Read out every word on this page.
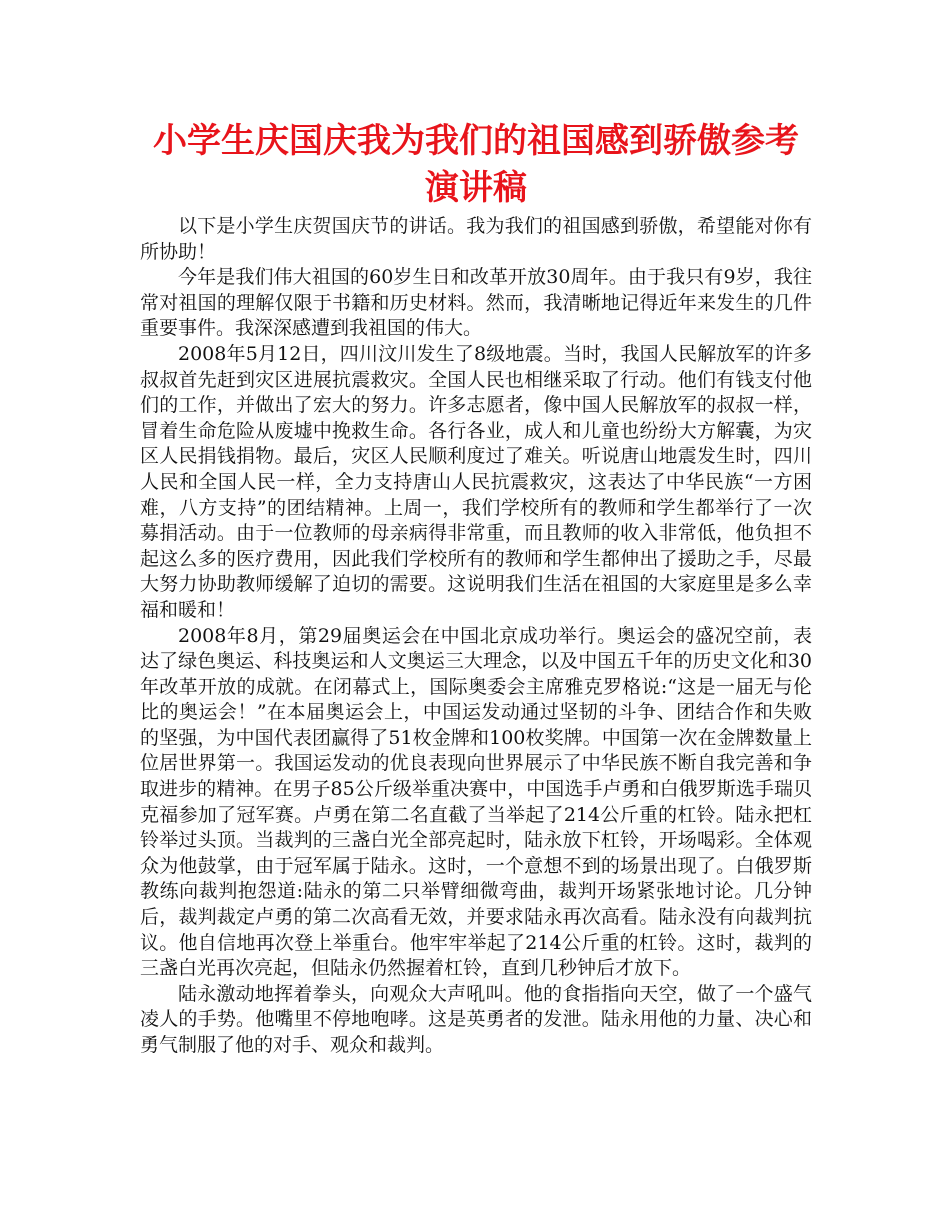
小学生庆国庆我为我们的祖国感到骄傲参考演讲稿

以下是小学生庆贺国庆节的讲话。我为我们的祖国感到骄傲，希望能对你有所协助！

今年是我们伟大祖国的60岁生日和改革开放30周年。由于我只有9岁，我往常对祖国的理解仅限于书籍和历史材料。然而，我清晰地记得近年来发生的几件重要事件。我深深感遭到我祖国的伟大。

2008年5月12日，四川汶川发生了8级地震。当时，我国人民解放军的许多叔叔首先赶到灾区进展抗震救灾。全国人民也相继采取了行动。他们有钱支付他们的工作，并做出了宏大的努力。许多志愿者，像中国人民解放军的叔叔一样，冒着生命危险从废墟中挽救生命。各行各业，成人和儿童也纷纷大方解囊，为灾区人民捐钱捐物。最后，灾区人民顺利度过了难关。听说唐山地震发生时，四川人民和全国人民一样，全力支持唐山人民抗震救灾，这表达了中华民族“一方困难，八方支持”的团结精神。上周一，我们学校所有的教师和学生都举行了一次募捐活动。由于一位教师的母亲病得非常重，而且教师的收入非常低，他负担不起这么多的医疗费用，因此我们学校所有的教师和学生都伸出了援助之手，尽最大努力协助教师缓解了迫切的需要。这说明我们生活在祖国的大家庭里是多么幸福和暖和！

2008年8月，第29届奥运会在中国北京成功举行。奥运会的盛况空前，表达了绿色奥运、科技奥运和人文奥运三大理念，以及中国五千年的历史文化和30年改革开放的成就。在闭幕式上，国际奥委会主席雅克罗格说:“这是一届无与伦比的奥运会！”在本届奥运会上，中国运发动通过坚韧的斗争、团结合作和失败的坚强，为中国代表团赢得了51枚金牌和100枚奖牌。中国第一次在金牌数量上位居世界第一。我国运发动的优良表现向世界展示了中华民族不断自我完善和争取进步的精神。在男子85公斤级举重决赛中，中国选手卢勇和白俄罗斯选手瑞贝克福参加了冠军赛。卢勇在第二名直截了当举起了214公斤重的杠铃。陆永把杠铃举过头顶。当裁判的三盏白光全部亮起时，陆永放下杠铃，开场喝彩。全体观众为他鼓掌，由于冠军属于陆永。这时，一个意想不到的场景出现了。白俄罗斯教练向裁判抱怨道:陆永的第二只举臂细微弯曲，裁判开场紧张地讨论。几分钟后，裁判裁定卢勇的第二次高看无效，并要求陆永再次高看。陆永没有向裁判抗议。他自信地再次登上举重台。他牢牢举起了214公斤重的杠铃。这时，裁判的三盏白光再次亮起，但陆永仍然握着杠铃，直到几秒钟后才放下。

陆永激动地挥着拳头，向观众大声吼叫。他的食指指向天空，做了一个盛气凌人的手势。他嘴里不停地咆哮。这是英勇者的发泄。陆永用他的力量、决心和勇气制服了他的对手、观众和裁判。
